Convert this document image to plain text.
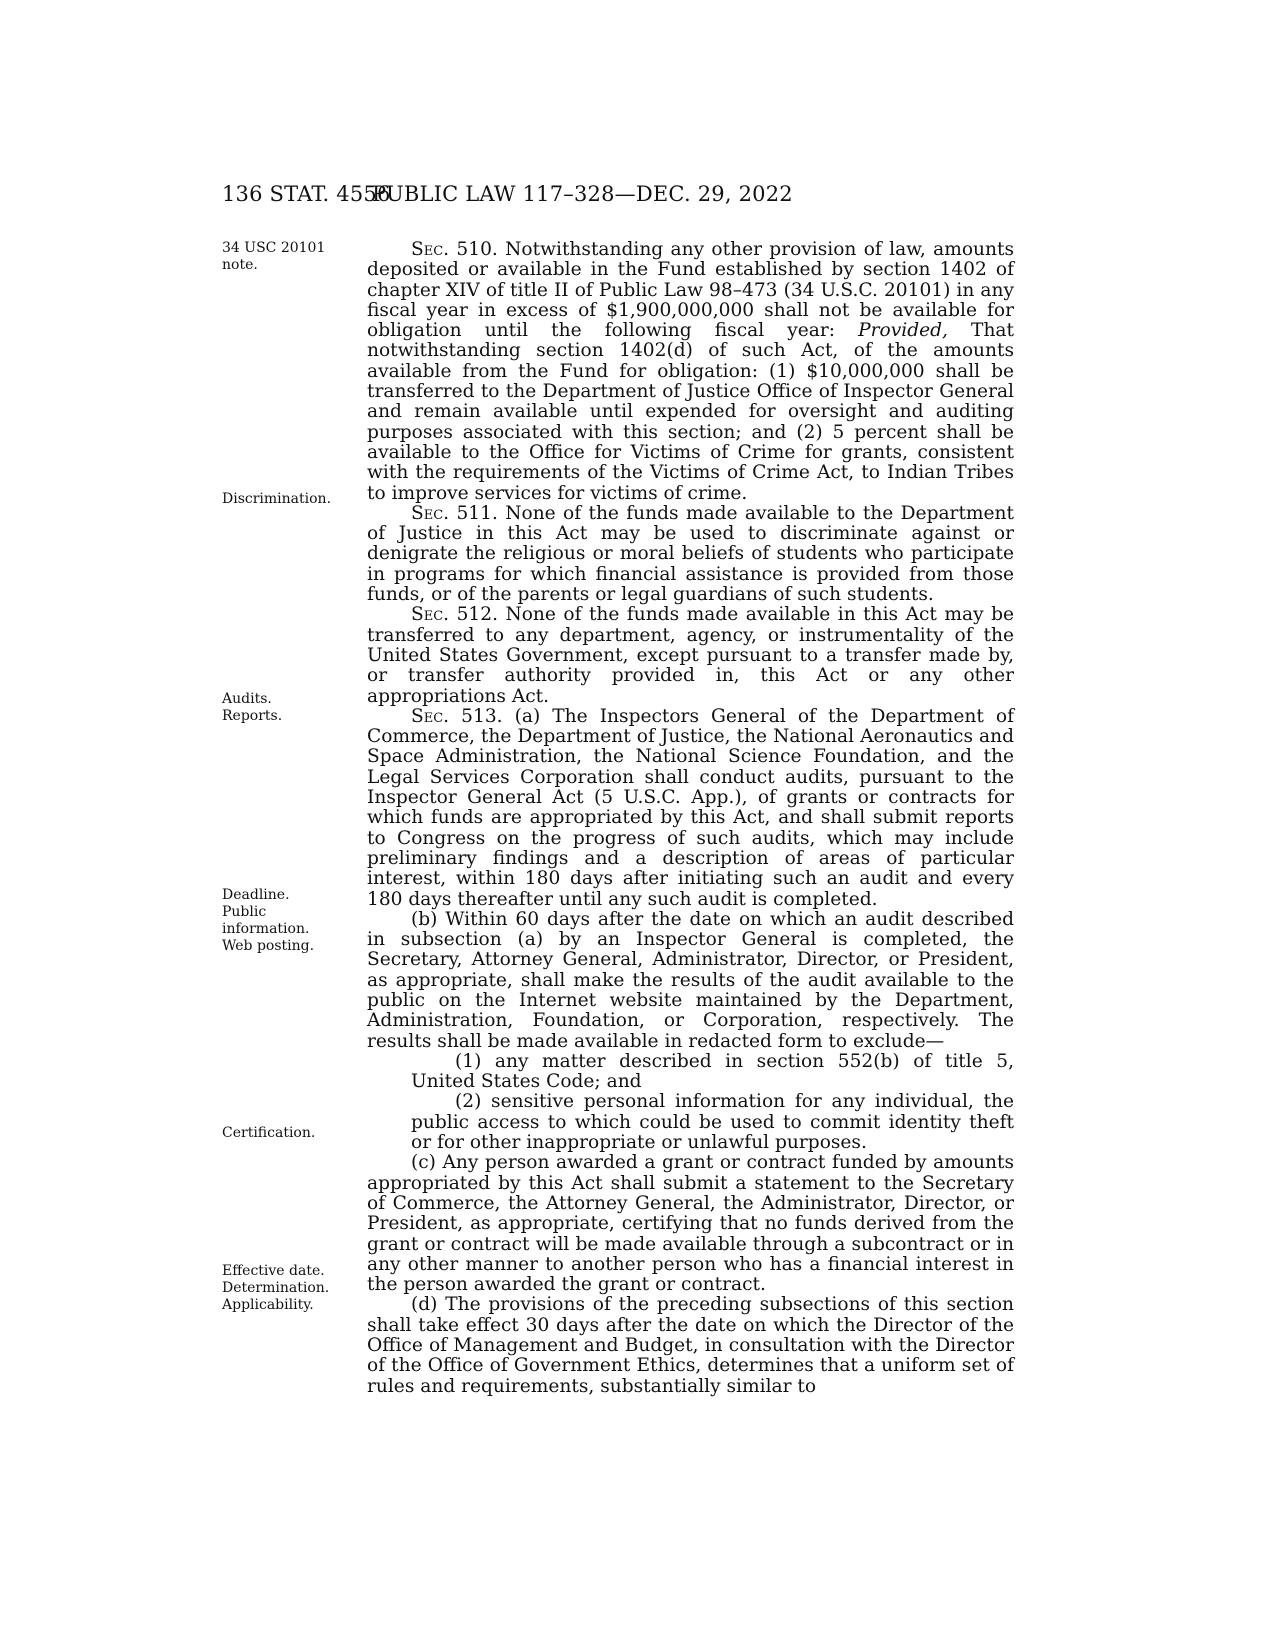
136 STAT. 4556
PUBLIC LAW 117–328—DEC. 29, 2022
34 USC 20101
note.
Discrimination.
Audits.
Reports.
Deadline.
Public
information.
Web posting.
Certification.
Effective date.
Determination.
Applicability.

Sec. 510. Notwithstanding any other provision of law, amounts deposited or available in the Fund established by section 1402 of chapter XIV of title II of Public Law 98–473 (34 U.S.C. 20101) in any fiscal year in excess of $1,900,000,000 shall not be available for obligation until the following fiscal year: Provided, That notwithstanding section 1402(d) of such Act, of the amounts available from the Fund for obligation: (1) $10,000,000 shall be transferred to the Department of Justice Office of Inspector General and remain available until expended for oversight and auditing purposes associated with this section; and (2) 5 percent shall be available to the Office for Victims of Crime for grants, consistent with the requirements of the Victims of Crime Act, to Indian Tribes to improve services for victims of crime.

Sec. 511. None of the funds made available to the Department of Justice in this Act may be used to discriminate against or denigrate the religious or moral beliefs of students who participate in programs for which financial assistance is provided from those funds, or of the parents or legal guardians of such students.

Sec. 512. None of the funds made available in this Act may be transferred to any department, agency, or instrumentality of the United States Government, except pursuant to a transfer made by, or transfer authority provided in, this Act or any other appropriations Act.

Sec. 513. (a) The Inspectors General of the Department of Commerce, the Department of Justice, the National Aeronautics and Space Administration, the National Science Foundation, and the Legal Services Corporation shall conduct audits, pursuant to the Inspector General Act (5 U.S.C. App.), of grants or contracts for which funds are appropriated by this Act, and shall submit reports to Congress on the progress of such audits, which may include preliminary findings and a description of areas of particular interest, within 180 days after initiating such an audit and every 180 days thereafter until any such audit is completed.

(b) Within 60 days after the date on which an audit described in subsection (a) by an Inspector General is completed, the Secretary, Attorney General, Administrator, Director, or President, as appropriate, shall make the results of the audit available to the public on the Internet website maintained by the Department, Administration, Foundation, or Corporation, respectively. The results shall be made available in redacted form to exclude—

(1) any matter described in section 552(b) of title 5, United States Code; and

(2) sensitive personal information for any individual, the public access to which could be used to commit identity theft or for other inappropriate or unlawful purposes.

(c) Any person awarded a grant or contract funded by amounts appropriated by this Act shall submit a statement to the Secretary of Commerce, the Attorney General, the Administrator, Director, or President, as appropriate, certifying that no funds derived from the grant or contract will be made available through a subcontract or in any other manner to another person who has a financial interest in the person awarded the grant or contract.

(d) The provisions of the preceding subsections of this section shall take effect 30 days after the date on which the Director of the Office of Management and Budget, in consultation with the Director of the Office of Government Ethics, determines that a uniform set of rules and requirements, substantially similar to
